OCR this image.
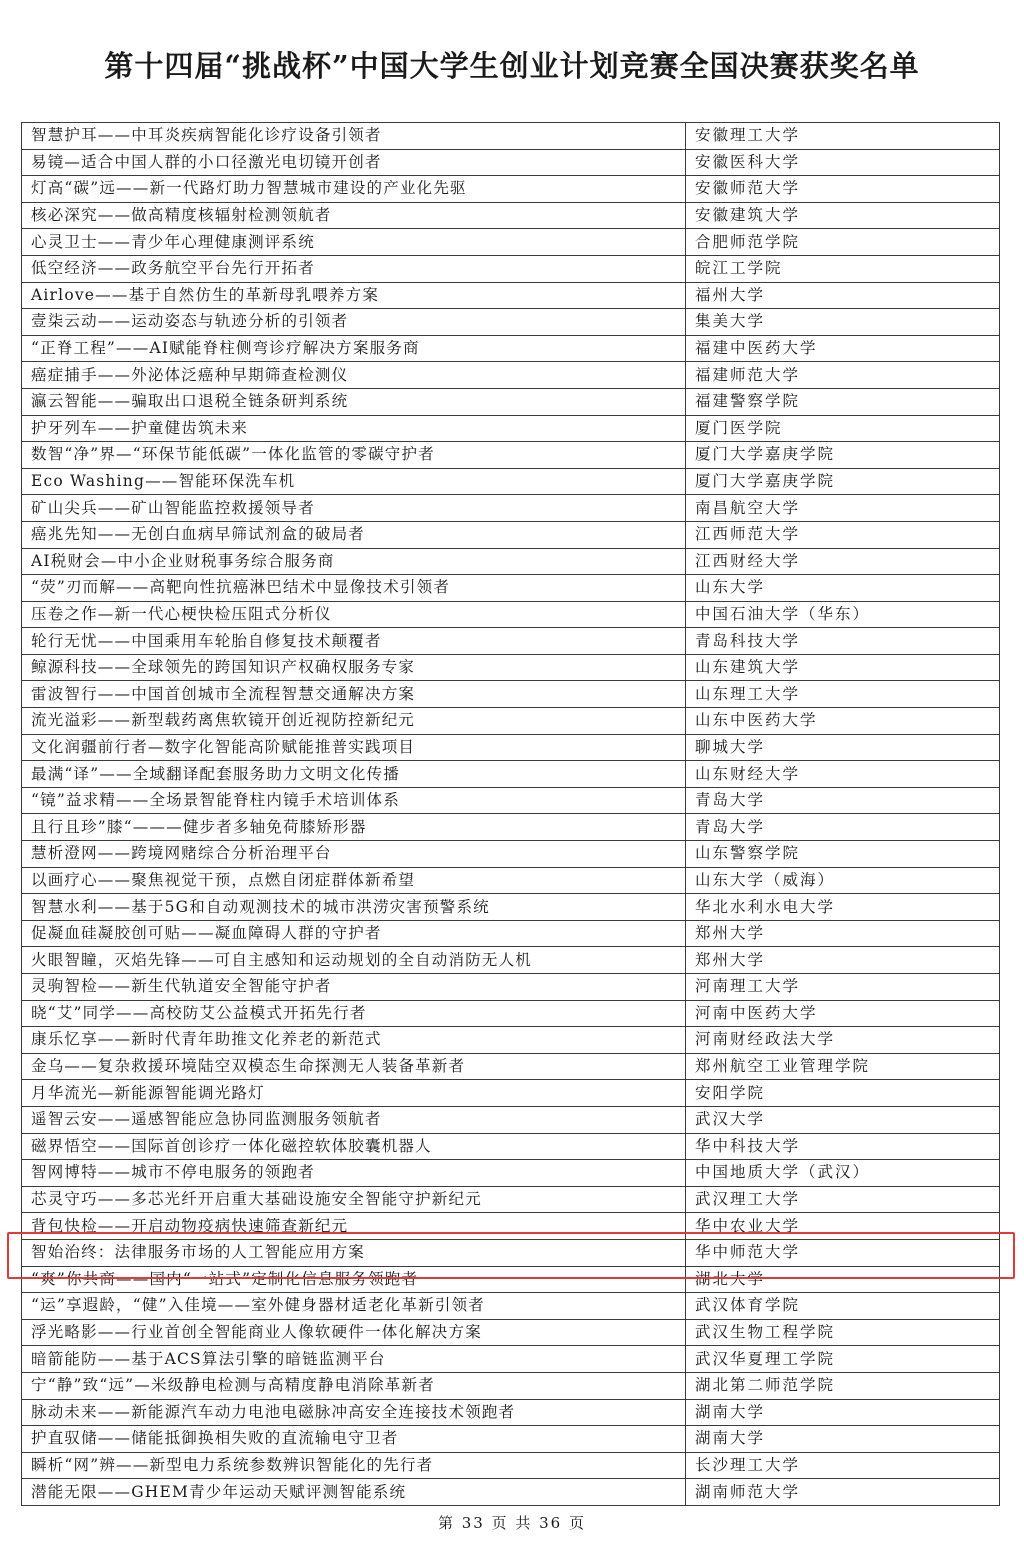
第十四届“挑战杯”中国大学生创业计划竞赛全国决赛获奖名单
智慧护耳——中耳炎疾病智能化诊疗设备引领者	安徽理工大学
易镜—适合中国人群的小口径激光电切镜开创者	安徽医科大学
灯高“碳”远——新一代路灯助力智慧城市建设的产业化先驱	安徽师范大学
核必深究——做高精度核辐射检测领航者	安徽建筑大学
心灵卫士——青少年心理健康测评系统	合肥师范学院
低空经济——政务航空平台先行开拓者	皖江工学院
Airlove——基于自然仿生的革新母乳喂养方案	福州大学
壹柒云动——运动姿态与轨迹分析的引领者	集美大学
“正脊工程”——AI赋能脊柱侧弯诊疗解决方案服务商	福建中医药大学
癌症捕手——外泌体泛癌种早期筛查检测仪	福建师范大学
瀛云智能——骗取出口退税全链条研判系统	福建警察学院
护牙列车——护童健齿筑未来	厦门医学院
数智“净”界—“环保节能低碳”一体化监管的零碳守护者	厦门大学嘉庚学院
Eco Washing——智能环保洗车机	厦门大学嘉庚学院
矿山尖兵——矿山智能监控救援领导者	南昌航空大学
癌兆先知——无创白血病早筛试剂盒的破局者	江西师范大学
AI税财会—中小企业财税事务综合服务商	江西财经大学
“荧”刃而解——高靶向性抗癌淋巴结术中显像技术引领者	山东大学
压卷之作—新一代心梗快检压阻式分析仪	中国石油大学（华东）
轮行无忧——中国乘用车轮胎自修复技术颠覆者	青岛科技大学
鲸源科技——全球领先的跨国知识产权确权服务专家	山东建筑大学
雷波智行——中国首创城市全流程智慧交通解决方案	山东理工大学
流光溢彩——新型载药离焦软镜开创近视防控新纪元	山东中医药大学
文化润疆前行者—数字化智能高阶赋能推普实践项目	聊城大学
最满“译”——全域翻译配套服务助力文明文化传播	山东财经大学
“镜”益求精——全场景智能脊柱内镜手术培训体系	青岛大学
且行且珍”膝“———健步者多轴免荷膝矫形器	青岛大学
慧析澄网——跨境网赌综合分析治理平台	山东警察学院
以画疗心——聚焦视觉干预，点燃自闭症群体新希望	山东大学（威海）
智慧水利——基于5G和自动观测技术的城市洪涝灾害预警系统	华北水利水电大学
促凝血硅凝胶创可贴——凝血障碍人群的守护者	郑州大学
火眼智瞳，灭焰先锋——可自主感知和运动规划的全自动消防无人机	郑州大学
灵驹智检——新生代轨道安全智能守护者	河南理工大学
晓“艾”同学——高校防艾公益模式开拓先行者	河南中医药大学
康乐忆享——新时代青年助推文化养老的新范式	河南财经政法大学
金乌——复杂救援环境陆空双模态生命探测无人装备革新者	郑州航空工业管理学院
月华流光—新能源智能调光路灯	安阳学院
遥智云安——遥感智能应急协同监测服务领航者	武汉大学
磁界悟空——国际首创诊疗一体化磁控软体胶囊机器人	华中科技大学
智网博特——城市不停电服务的领跑者	中国地质大学（武汉）
芯灵守巧——多芯光纤开启重大基础设施安全智能守护新纪元	武汉理工大学
背包快检——开启动物疫病快速筛查新纪元	华中农业大学
智始治终：法律服务市场的人工智能应用方案	华中师范大学
“爽”你共商——国内“一站式”定制化信息服务领跑者	湖北大学
“运”享遐龄，“健”入佳境——室外健身器材适老化革新引领者	武汉体育学院
浮光略影——行业首创全智能商业人像软硬件一体化解决方案	武汉生物工程学院
暗箭能防——基于ACS算法引擎的暗链监测平台	武汉华夏理工学院
宁“静”致“远”—米级静电检测与高精度静电消除革新者	湖北第二师范学院
脉动未来——新能源汽车动力电池电磁脉冲高安全连接技术领跑者	湖南大学
护直驭储——储能抵御换相失败的直流输电守卫者	湖南大学
瞬析“网”辨——新型电力系统参数辨识智能化的先行者	长沙理工大学
潜能无限——GHEM青少年运动天赋评测智能系统	湖南师范大学
第 33 页 共 36 页
